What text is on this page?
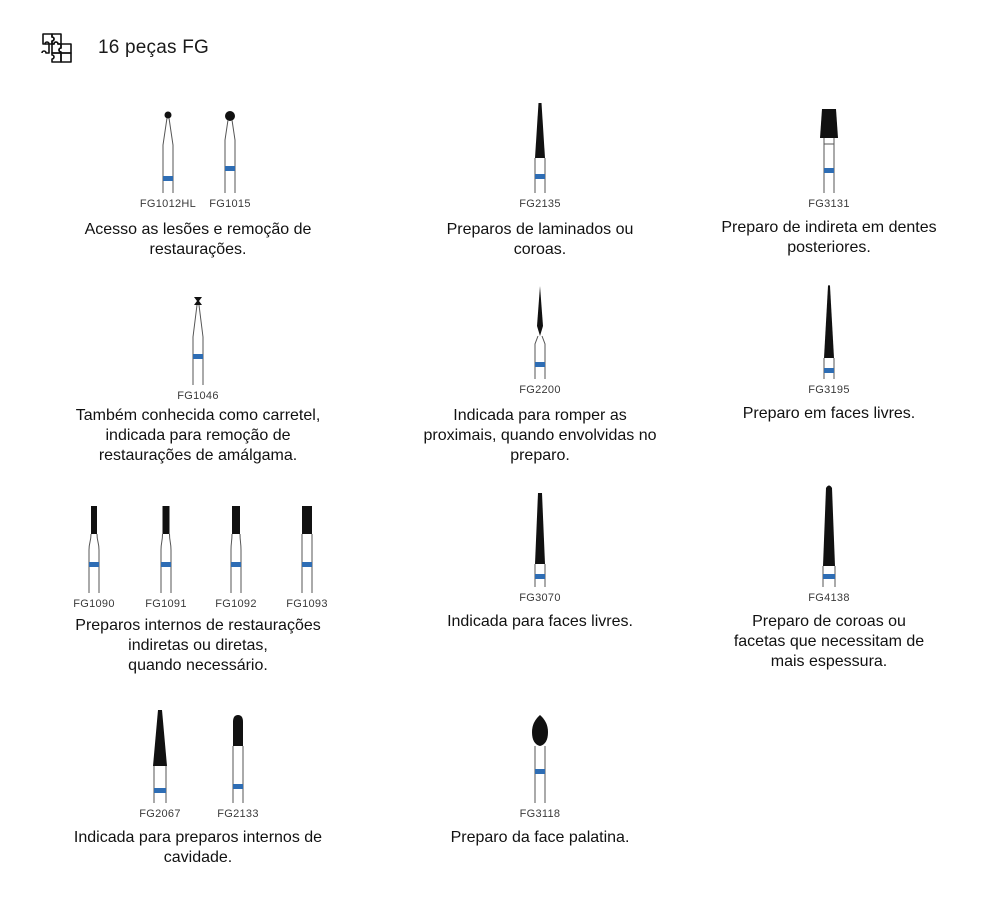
16 peças FG
FG1012HL	FG1015
Acesso as lesões e remoção de
restaurações.
FG2135
Preparos de laminados ou
coroas.
FG3131
Preparo de indireta em dentes
posteriores.
FG1046
Também conhecida como carretel,
indicada para remoção de
restaurações de amálgama.
FG2200
Indicada para romper as
proximais, quando envolvidas no
preparo.
FG3195
Preparo em faces livres.
FG1090	FG1091	FG1092	FG1093
Preparos internos de restaurações
indiretas ou diretas,
quando necessário.
FG3070
Indicada para faces livres.
FG4138
Preparo de coroas ou
facetas que necessitam de
mais espessura.
FG2067	FG2133
Indicada para preparos internos de
cavidade.
FG3118
Preparo da face palatina.
